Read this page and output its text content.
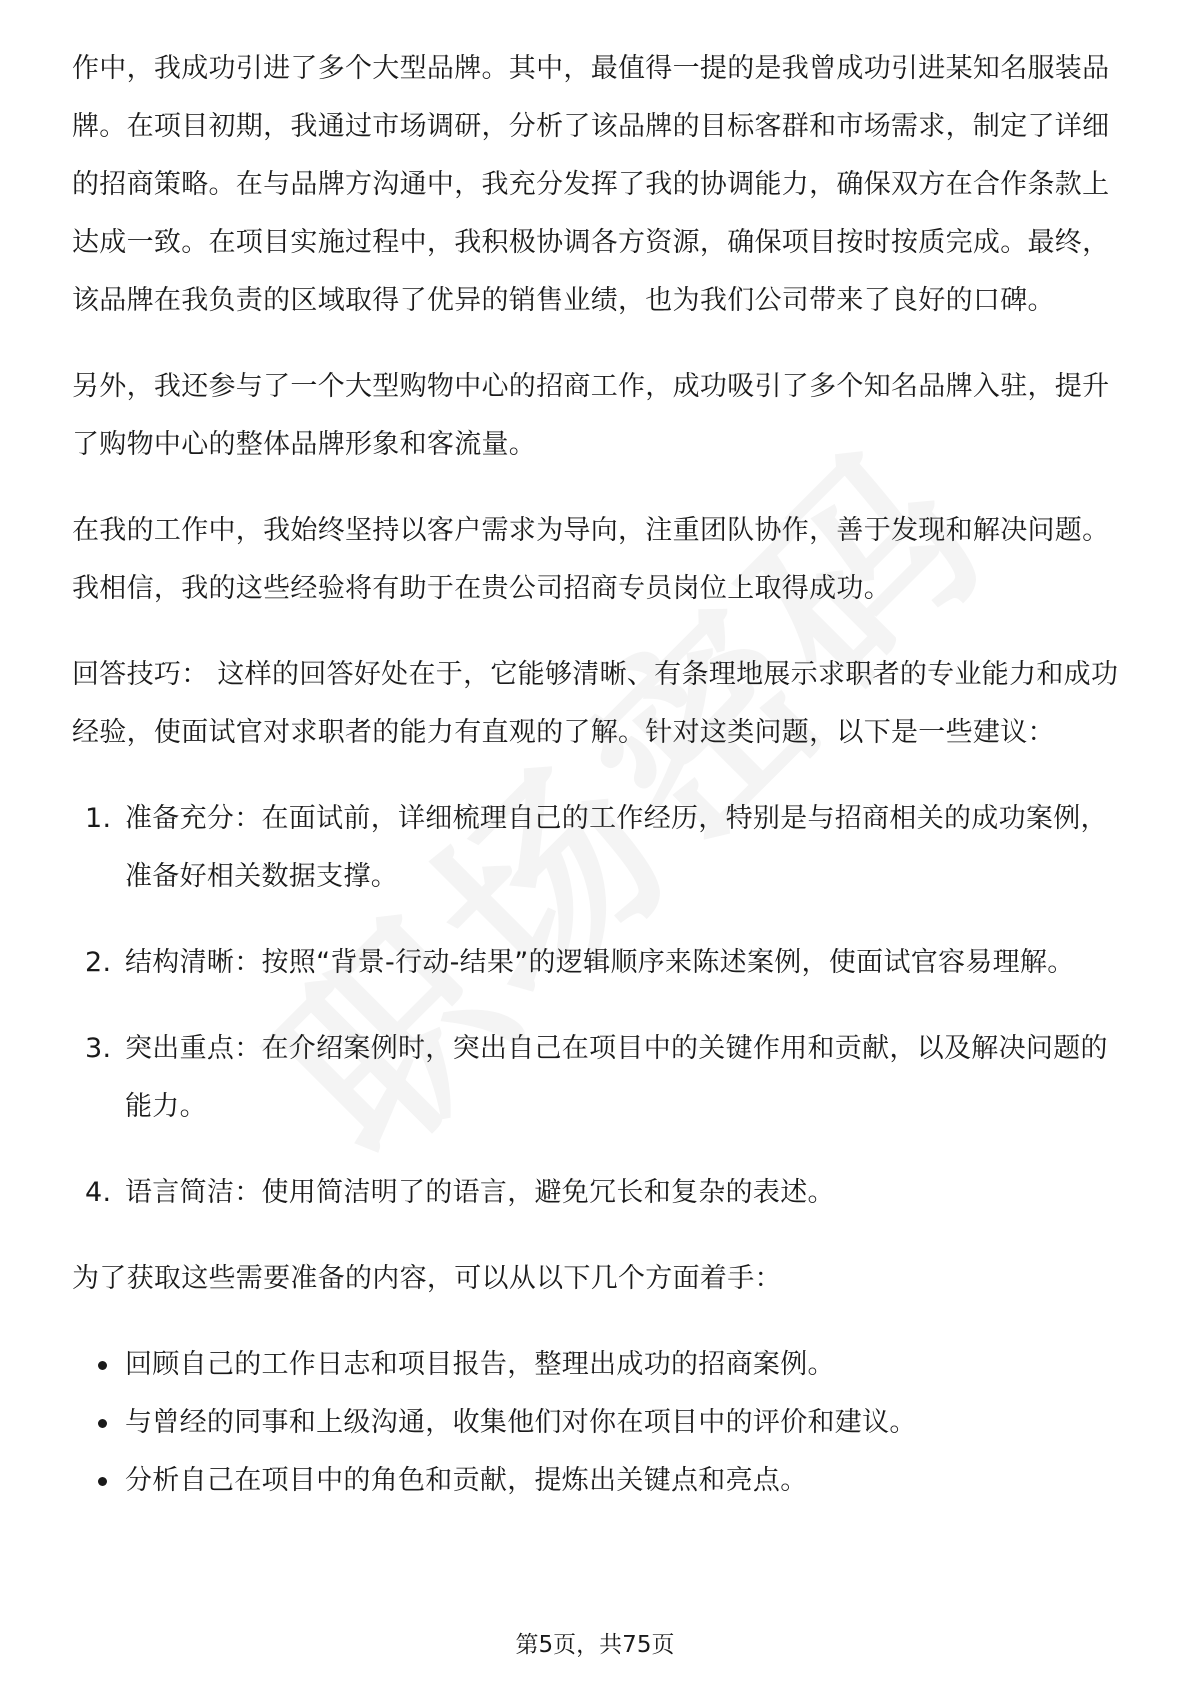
作中，我成功引进了多个大型品牌。其中，最值得一提的是我曾成功引进某知名服装品牌。在项目初期，我通过市场调研，分析了该品牌的目标客群和市场需求，制定了详细的招商策略。在与品牌方沟通中，我充分发挥了我的协调能力，确保双方在合作条款上达成一致。在项目实施过程中，我积极协调各方资源，确保项目按时按质完成。最终，该品牌在我负责的区域取得了优异的销售业绩，也为我们公司带来了良好的口碑。

另外，我还参与了一个大型购物中心的招商工作，成功吸引了多个知名品牌入驻，提升了购物中心的整体品牌形象和客流量。

在我的工作中，我始终坚持以客户需求为导向，注重团队协作，善于发现和解决问题。我相信，我的这些经验将有助于在贵公司招商专员岗位上取得成功。

回答技巧： 这样的回答好处在于，它能够清晰、有条理地展示求职者的专业能力和成功经验，使面试官对求职者的能力有直观的了解。针对这类问题，以下是一些建议：

1. 准备充分：在面试前，详细梳理自己的工作经历，特别是与招商相关的成功案例，准备好相关数据支撑。
2. 结构清晰：按照“背景-行动-结果”的逻辑顺序来陈述案例，使面试官容易理解。
3. 突出重点：在介绍案例时，突出自己在项目中的关键作用和贡献，以及解决问题的能力。
4. 语言简洁：使用简洁明了的语言，避免冗长和复杂的表述。

为了获取这些需要准备的内容，可以从以下几个方面着手：

回顾自己的工作日志和项目报告，整理出成功的招商案例。
与曾经的同事和上级沟通，收集他们对你在项目中的评价和建议。
分析自己在项目中的角色和贡献，提炼出关键点和亮点。
第5页，共75页
